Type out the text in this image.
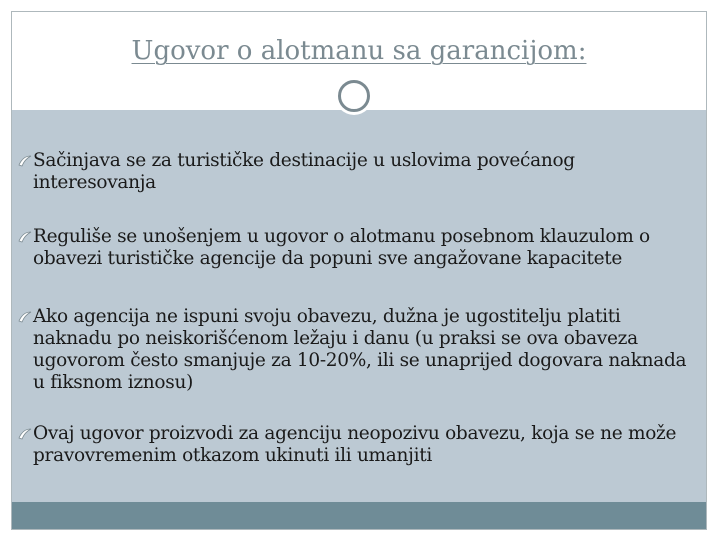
Ugovor o alotmanu sa garancijom:
Sačinjava se za turističke destinacije u uslovima povećanog interesovanja
Reguliše se unošenjem u ugovor o alotmanu posebnom klauzulom o obavezi turističke agencije da popuni sve angažovane kapacitete
Ako agencija ne ispuni svoju obavezu, dužna je ugostitelju platiti naknadu po neiskorišćenom ležaju i danu (u praksi se ova obaveza ugovorom često smanjuje za 10-20%, ili se unaprijed dogovara naknada u fiksnom iznosu)
Ovaj ugovor proizvodi za agenciju neopozivu obavezu, koja se ne može pravovremenim otkazom ukinuti ili umanjiti
